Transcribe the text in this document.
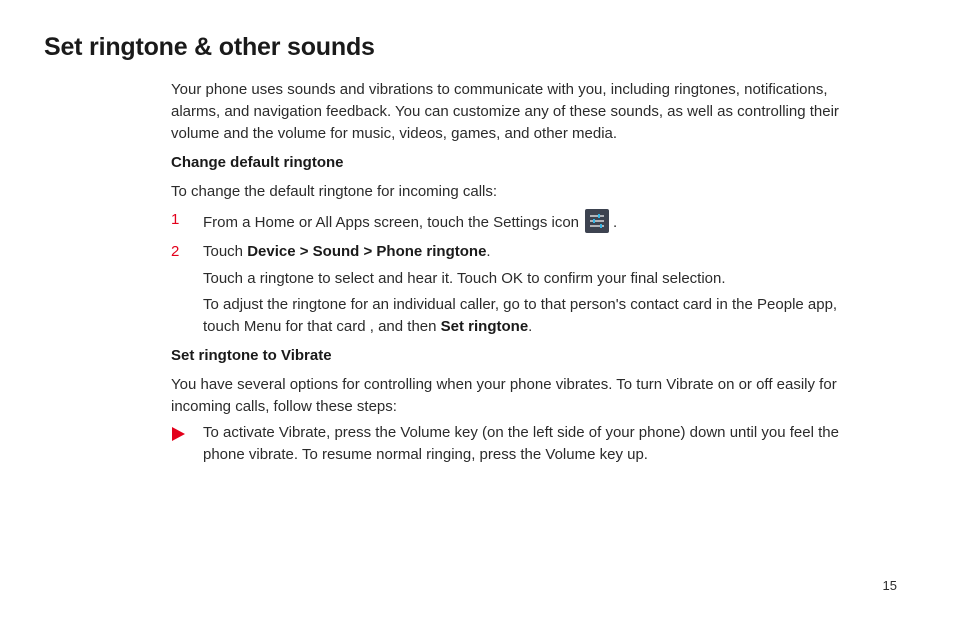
Set ringtone & other sounds

Your phone uses sounds and vibrations to communicate with you, including ringtones, notifications, alarms, and navigation feedback. You can customize any of these sounds, as well as controlling their volume and the volume for music, videos, games, and other media.

Change default ringtone

To change the default ringtone for incoming calls:

1 From a Home or All Apps screen, touch the Settings icon .
2 Touch Device > Sound > Phone ringtone.

Touch a ringtone to select and hear it. Touch OK to confirm your final selection.

To adjust the ringtone for an individual caller, go to that person's contact card in the People app, touch Menu for that card , and then Set ringtone.

Set ringtone to Vibrate

You have several options for controlling when your phone vibrates. To turn Vibrate on or off easily for incoming calls, follow these steps:

To activate Vibrate, press the Volume key (on the left side of your phone) down until you feel the phone vibrate. To resume normal ringing, press the Volume key up.
15
